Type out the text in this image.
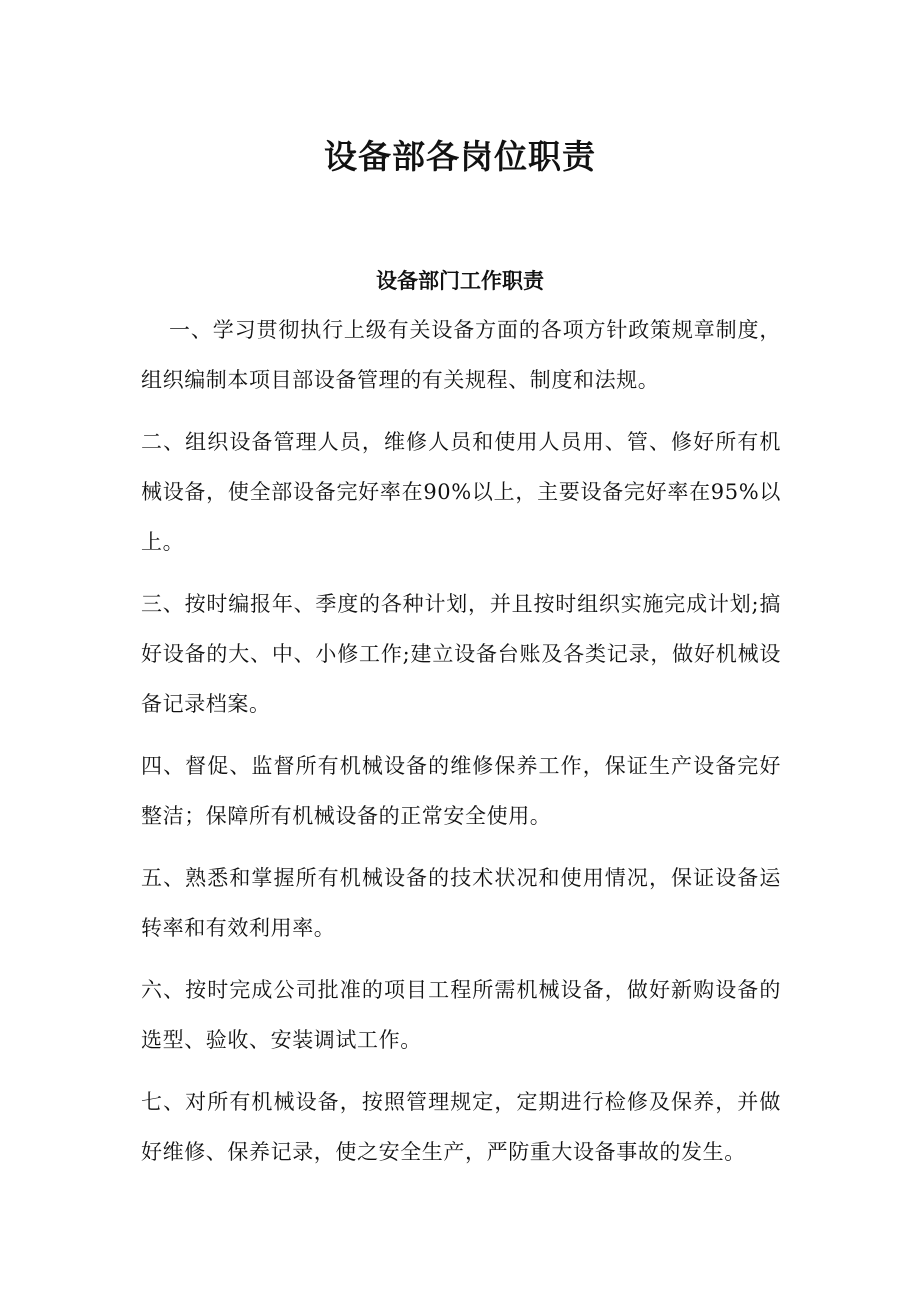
设备部各岗位职责
设备部门工作职责

一、学习贯彻执行上级有关设备方面的各项方针政策规章制度，组织编制本项目部设备管理的有关规程、制度和法规。

二、组织设备管理人员，维修人员和使用人员用、管、修好所有机械设备，使全部设备完好率在90%以上，主要设备完好率在95%以上。

三、按时编报年、季度的各种计划，并且按时组织实施完成计划;搞好设备的大、中、小修工作;建立设备台账及各类记录，做好机械设备记录档案。

四、督促、监督所有机械设备的维修保养工作，保证生产设备完好整洁；保障所有机械设备的正常安全使用。

五、熟悉和掌握所有机械设备的技术状况和使用情况，保证设备运转率和有效利用率。

六、按时完成公司批准的项目工程所需机械设备，做好新购设备的选型、验收、安装调试工作。

七、对所有机械设备，按照管理规定，定期进行检修及保养，并做好维修、保养记录，使之安全生产，严防重大设备事故的发生。
